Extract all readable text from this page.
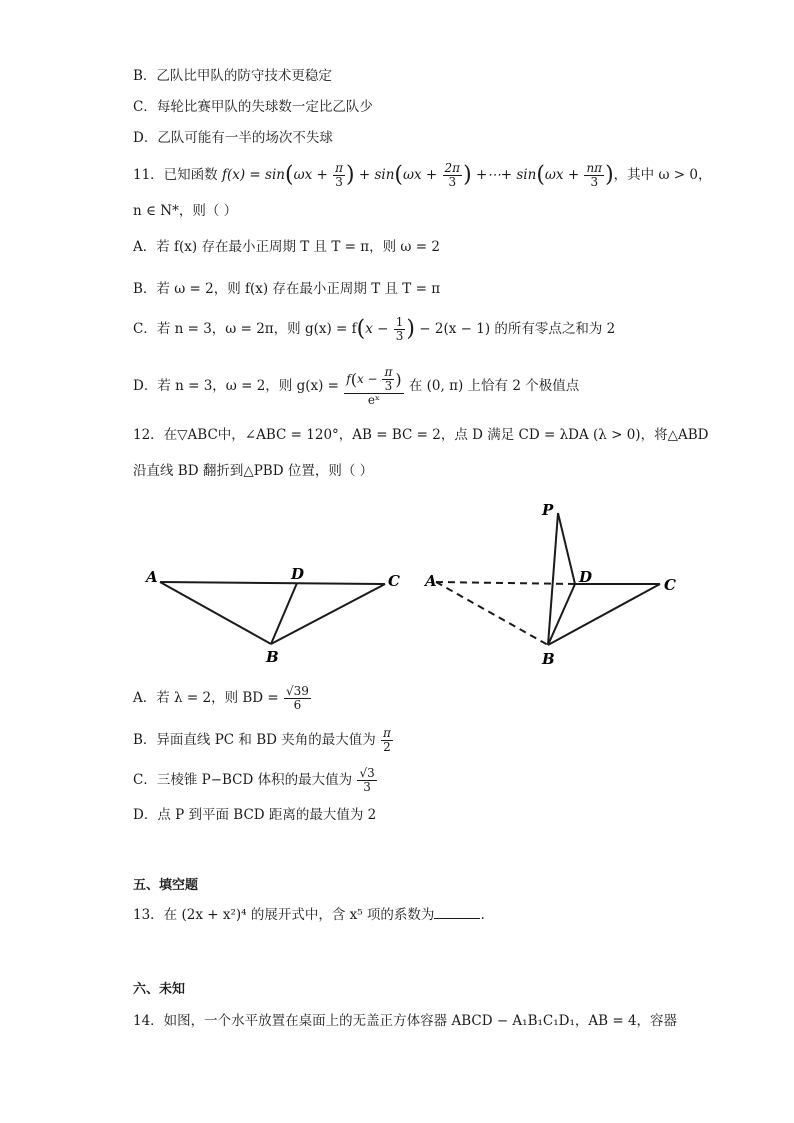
B．乙队比甲队的防守技术更稳定
C．每轮比赛甲队的失球数一定比乙队少
D．乙队可能有一半的场次不失球
11．已知函数 $f(x) = \sin(\omega x + \frac{\pi}{3}$ ) + $\sin(\omega x + \frac{2\pi}{3}$ ) +⋯+ $\sin(\omega x + \frac{n\pi}{3}$ )，其中 ω > 0，
n ∈ N*，则（ ）
A．若 f(x) 存在最小正周期 T 且 T = π，则 ω = 2
B．若 ω = 2，则 f(x) 存在最小正周期 T 且 T = π
C．若 n = 3，ω = 2π，则 $g(x) = f(x - \frac{1}{3}$ ) − 2(x − 1) 的所有零点之和为 2
D．若 n = 3，ω = 2，则 $g(x) = \frac{f(x - \frac{\pi}{3} )}{\text{eˣ}}$ 在 (0, π) 上恰有 2 个极值点
12．在▽ABC中，∠ABC = 120°，AB = BC = 2，点 D 满足 CD = λDA (λ > 0)，将△ABD
沿直线 BD 翻折到△PBD 位置，则（ ）
A	D	C
B
A
P
D	C
B
A．若 λ = 2，则 BD = $\frac{√39}{6}$
B．异面直线 PC 和 BD 夹角的最大值为 $\frac{\pi}{2}$
C．三棱锥 P−BCD 体积的最大值为 $\frac{√3}{3}$
D．点 P 到平面 BCD 距离的最大值为 2
五、填空题
13．在 (2x + x²)⁴ 的展开式中，含 x⁵ 项的系数为	.
六、未知
14．如图，一个水平放置在桌面上的无盖正方体容器 ABCD − A₁B₁C₁D₁，AB = 4，容器
